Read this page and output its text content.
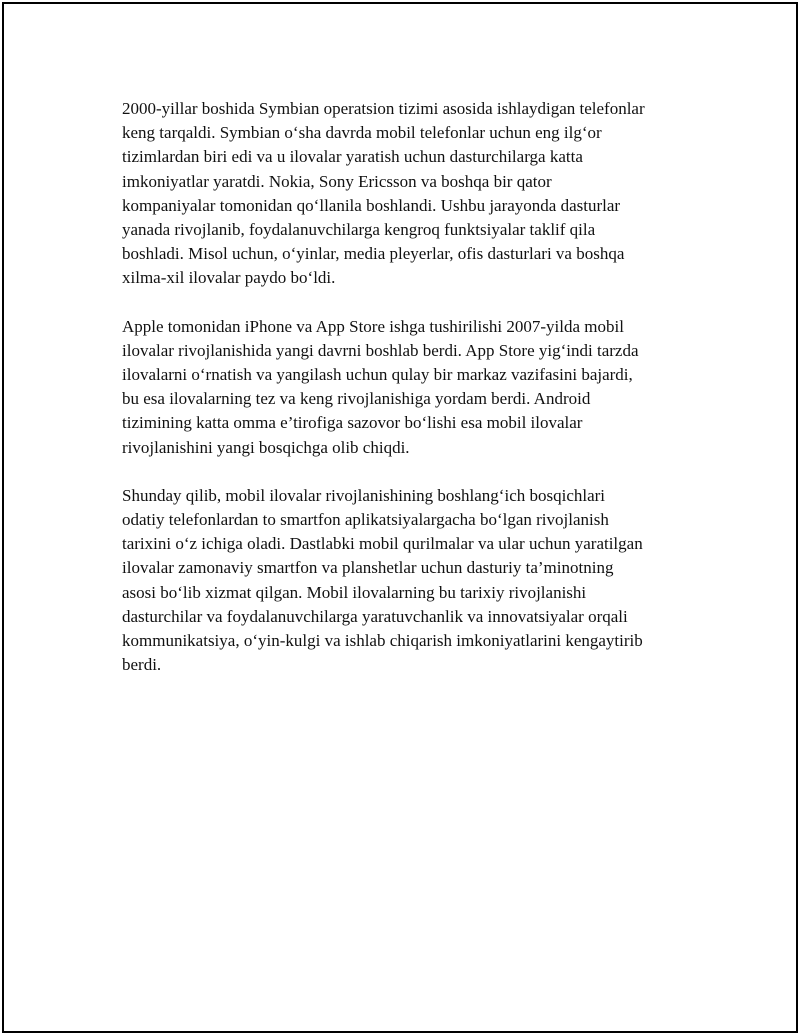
2000-yillar boshida Symbian operatsion tizimi asosida ishlaydigan telefonlar
keng tarqaldi. Symbian o‘sha davrda mobil telefonlar uchun eng ilg‘or
tizimlardan biri edi va u ilovalar yaratish uchun dasturchilarga katta
imkoniyatlar yaratdi. Nokia, Sony Ericsson va boshqa bir qator
kompaniyalar tomonidan qo‘llanila boshlandi. Ushbu jarayonda dasturlar
yanada rivojlanib, foydalanuvchilarga kengroq funktsiyalar taklif qila
boshladi. Misol uchun, o‘yinlar, media pleyerlar, ofis dasturlari va boshqa
xilma-xil ilovalar paydo bo‘ldi.

Apple tomonidan iPhone va App Store ishga tushirilishi 2007-yilda mobil
ilovalar rivojlanishida yangi davrni boshlab berdi. App Store yig‘indi tarzda
ilovalarni o‘rnatish va yangilash uchun qulay bir markaz vazifasini bajardi,
bu esa ilovalarning tez va keng rivojlanishiga yordam berdi. Android
tizimining katta omma e’tirofiga sazovor bo‘lishi esa mobil ilovalar
rivojlanishini yangi bosqichga olib chiqdi.

Shunday qilib, mobil ilovalar rivojlanishining boshlang‘ich bosqichlari
odatiy telefonlardan to smartfon aplikatsiyalargacha bo‘lgan rivojlanish
tarixini o‘z ichiga oladi. Dastlabki mobil qurilmalar va ular uchun yaratilgan
ilovalar zamonaviy smartfon va planshetlar uchun dasturiy ta’minotning
asosi bo‘lib xizmat qilgan. Mobil ilovalarning bu tarixiy rivojlanishi
dasturchilar va foydalanuvchilarga yaratuvchanlik va innovatsiyalar orqali
kommunikatsiya, o‘yin-kulgi va ishlab chiqarish imkoniyatlarini kengaytirib
berdi.
